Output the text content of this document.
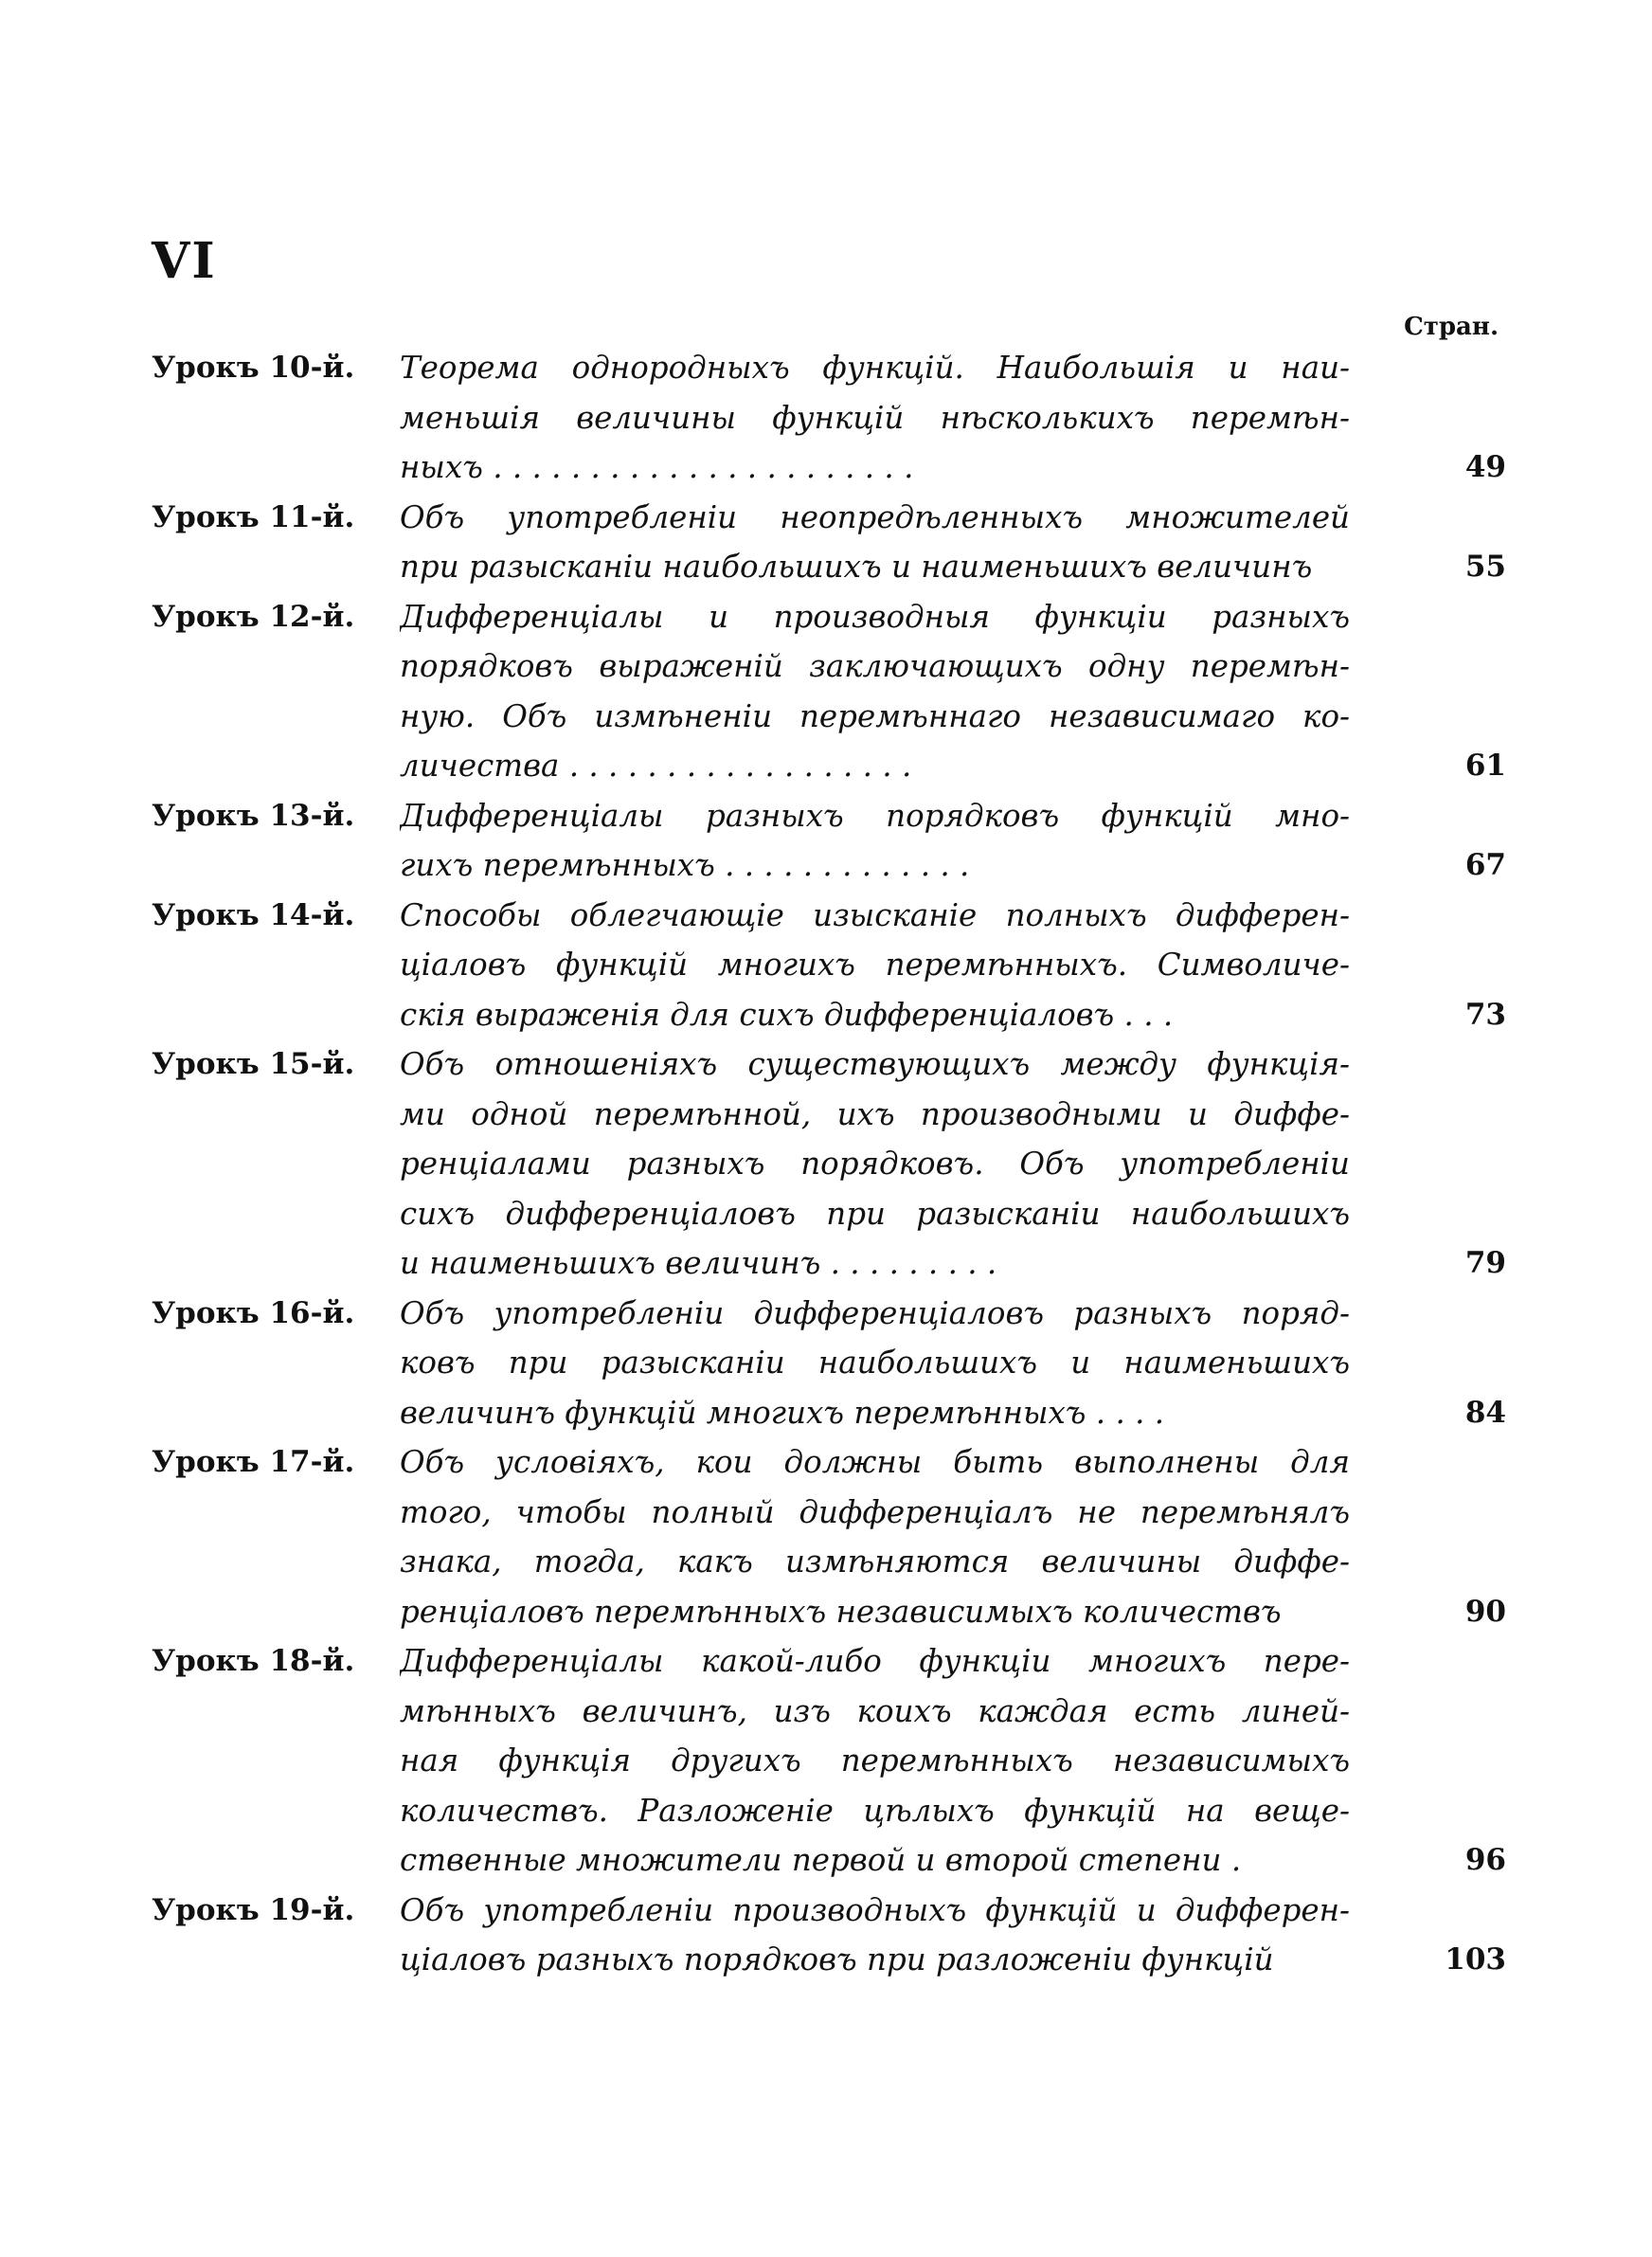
VI
Стран.
Урокъ 10-й.	Теорема однородныхъ функцій. Наибольшія и наи-
меньшія величины функцій нѣсколькихъ перемѣн-
ныхъ . . . . . . . . . . . . . . . . . . . . . .	49
Урокъ 11-й.	Объ употребленіи неопредѣленныхъ множителей
при разысканіи наибольшихъ и наименьшихъ величинъ	55
Урокъ 12-й.	Дифференціалы и производныя функціи разныхъ
порядковъ выраженій заключающихъ одну перемѣн-
ную. Объ измѣненіи перемѣннаго независимаго ко-
личества . . . . . . . . . . . . . . . . . .	61
Урокъ 13-й.	Дифференціалы разныхъ порядковъ функцій мно-
гихъ перемѣнныхъ . . . . . . . . . . . . .	67
Урокъ 14-й.	Способы облегчающіе изысканіе полныхъ дифферен-
ціаловъ функцій многихъ перемѣнныхъ. Символиче-
скія выраженія для сихъ дифференціаловъ . . .	73
Урокъ 15-й.	Объ отношеніяхъ существующихъ между функція-
ми одной перемѣнной, ихъ производными и диффе-
ренціалами разныхъ порядковъ. Объ употребленіи
сихъ дифференціаловъ при разысканіи наибольшихъ
и наименьшихъ величинъ . . . . . . . . .	79
Урокъ 16-й.	Объ употребленіи дифференціаловъ разныхъ поряд-
ковъ при разысканіи наибольшихъ и наименьшихъ
величинъ функцій многихъ перемѣнныхъ . . . .	84
Урокъ 17-й.	Объ условіяхъ, кои должны быть выполнены для
того, чтобы полный дифференціалъ не перемѣнялъ
знака, тогда, какъ измѣняются величины диффе-
ренціаловъ перемѣнныхъ независимыхъ количествъ	90
Урокъ 18-й.	Дифференціалы какой-либо функціи многихъ пере-
мѣнныхъ величинъ, изъ коихъ каждая есть линей-
ная функція другихъ перемѣнныхъ независимыхъ
количествъ. Разложеніе цѣлыхъ функцій на веще-
ственные множители первой и второй степени .	96
Урокъ 19-й.	Объ употребленіи производныхъ функцій и дифферен-
ціаловъ разныхъ порядковъ при разложеніи функцій	103
